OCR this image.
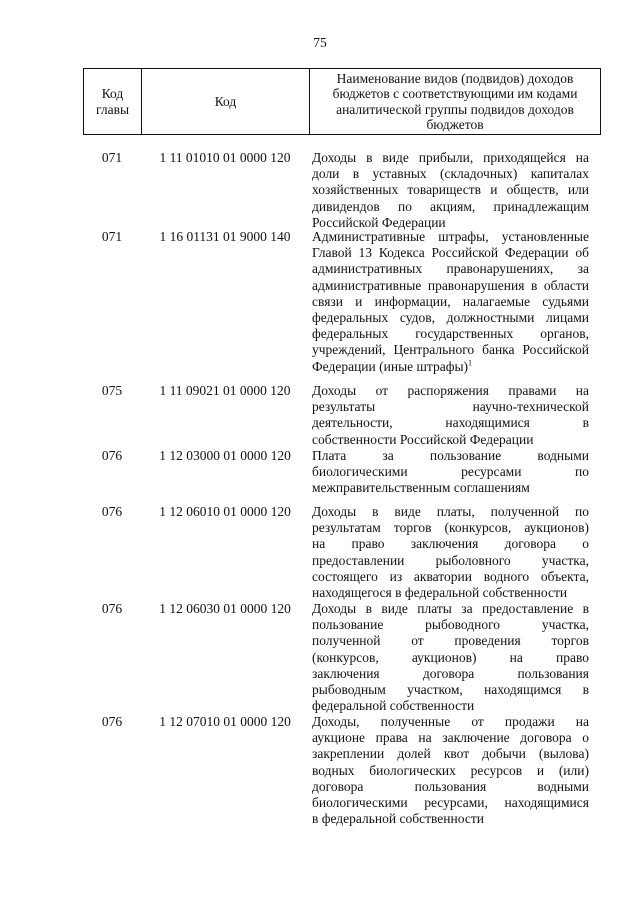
75
Код главы	Код	
Наименование видов (подвидов) доходов бюджетов с соответствующими им кодами аналитической группы подвидов доходов бюджетов
071	1 11 01010 01 0000 120	Доходы в виде прибыли, приходящейся на
доли в уставных (складочных) капиталах
хозяйственных товариществ и обществ, или
дивидендов по акциям, принадлежащим
Российской Федерации
071	1 16 01131 01 9000 140	Административные штрафы, установленные
Главой 13 Кодекса Российской Федерации об
административных правонарушениях, за
административные правонарушения в области
связи и информации, налагаемые судьями
федеральных судов, должностными лицами
федеральных государственных органов,
учреждений, Центрального банка Российской
Федерации (иные штрафы)$^1$
075	1 11 09021 01 0000 120	Доходы от распоряжения правами на
результаты научно-технической
деятельности, находящимися в
собственности Российской Федерации
076	1 12 03000 01 0000 120	Плата за пользование водными
биологическими ресурсами по
межправительственным соглашениям
076	1 12 06010 01 0000 120	Доходы в виде платы, полученной по
результатам торгов (конкурсов, аукционов)
на право заключения договора о
предоставлении рыболовного участка,
состоящего из акватории водного объекта,
находящегося в федеральной собственности
076	1 12 06030 01 0000 120	Доходы в виде платы за предоставление в
пользование рыбоводного участка,
полученной от проведения торгов
(конкурсов, аукционов) на право
заключения договора пользования
рыбоводным участком, находящимся в
федеральной собственности
076	1 12 07010 01 0000 120	Доходы, полученные от продажи на
аукционе права на заключение договора о
закреплении долей квот добычи (вылова)
водных биологических ресурсов и (или)
договора пользования водными
биологическими ресурсами, находящимися
в федеральной собственности
